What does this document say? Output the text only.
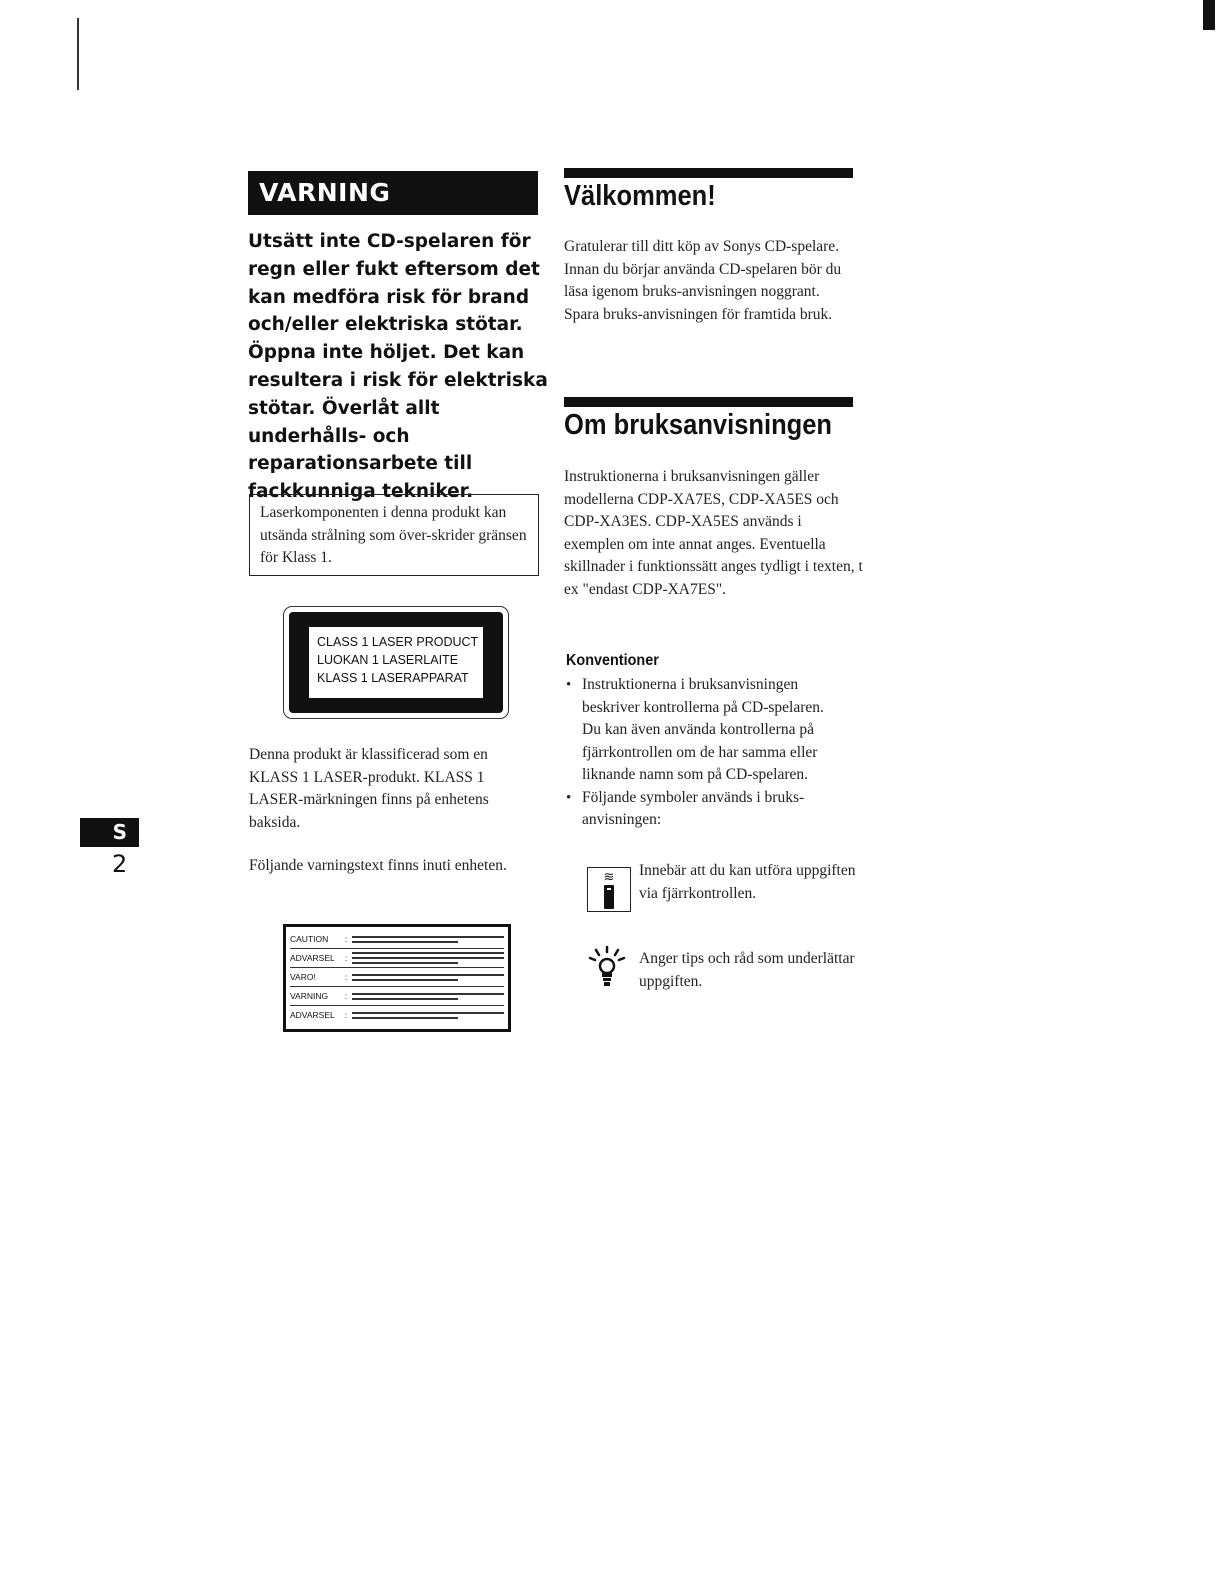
VARNING
Utsätt inte CD-spelaren för regn eller fukt eftersom det kan medföra risk för brand och/eller elektriska stötar. Öppna inte höljet. Det kan resultera i risk för elektriska stötar. Överlåt allt underhålls- och reparationsarbete till fackkunniga tekniker.
Laserkomponenten i denna produkt kan utsända strålning som över-skrider gränsen för Klass 1.
CLASS 1 LASER PRODUCT
LUOKAN 1 LASERLAITE
KLASS 1 LASERAPPARAT
Denna produkt är klassificerad som en KLASS 1 LASER-produkt. KLASS 1 LASER-märkningen finns på enhetens baksida.
Följande varningstext finns inuti enheten.
CAUTION	:
ADVARSEL	:
VARO!	:
VARNING	:
ADVARSEL	:
S
2
Välkommen!
Gratulerar till ditt köp av Sonys CD-spelare. Innan du börjar använda CD-spelaren bör du läsa igenom bruks-anvisningen noggrant. Spara bruks-anvisningen för framtida bruk.
Om bruksanvisningen
Instruktionerna i bruksanvisningen gäller modellerna CDP-XA7ES, CDP-XA5ES och CDP-XA3ES. CDP-XA5ES används i exemplen om inte annat anges. Eventuella skillnader i funktionssätt anges tydligt i texten, t ex "endast CDP-XA7ES".
Konventioner
• Instruktionerna i bruksanvisningen beskriver kontrollerna på CD-spelaren.
Du kan även använda kontrollerna på fjärrkontrollen om de har samma eller liknande namn som på CD-spelaren.
• Följande symboler används i bruks-anvisningen:
≋ Innebär att du kan utföra uppgiften via fjärrkontrollen.
Anger tips och råd som underlättar uppgiften.
